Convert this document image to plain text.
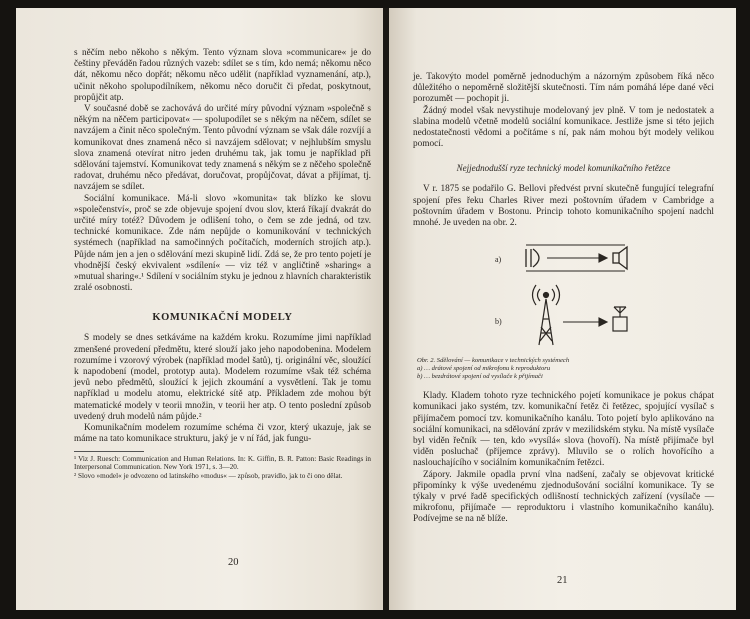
s něčím nebo někoho s někým. Tento význam slova »communicare« je do češtiny převáděn řadou různých vazeb: sdílet se s tím, kdo nemá; někomu něco dát, někomu něco dopřát; někomu něco udělit (například vyznamenání, atp.), učinit někoho spolupodílníkem, někomu něco doručit či předat, poskytnout, propůjčit atp.

V současné době se zachovává do určité míry původní význam »společně s někým na něčem participovat« — spolupodílet se s někým na něčem, sdílet se navzájem a činit něco společným. Tento původní význam se však dále rozvíjí a komunikovat dnes znamená něco si navzájem sdělovat; v nejhlubším smyslu slova znamená otevírat nitro jeden druhému tak, jak tomu je například při sdělování tajemství. Komunikovat tedy znamená s někým se z něčeho společně radovat, druhému něco předávat, doručovat, propůjčovat, dávat a přijímat, tj. navzájem se sdílet.

Sociální komunikace. Má-li slovo »komunita« tak blízko ke slovu »společenství«, proč se zde objevuje spojení dvou slov, která říkají dvakrát do určité míry totéž? Důvodem je odlišení toho, o čem se zde jedná, od tzv. technické komunikace. Zde nám nepůjde o komunikování v technických systémech (například na samočinných počítačích, moderních strojích atp.). Půjde nám jen a jen o sdělování mezi skupině lidí. Zdá se, že pro tento pojetí je vhodnější český ekvivalent »sdílení« — viz též v angličtině »sharing« a »mutual sharing«.¹ Sdílení v sociálním styku je jednou z hlavních charakteristik zralé osobnosti.

KOMUNIKAČNÍ MODELY

S modely se dnes setkáváme na každém kroku. Rozumíme jimi například zmenšené provedení předmětu, které slouží jako jeho napodobenina. Modelem rozumíme i vzorový výrobek (například model šatů), tj. originální věc, sloužící k napodobení (model, prototyp auta). Modelem rozumíme však též schéma jevů nebo předmětů, sloužící k jejich zkoumání a vysvětlení. Tak je tomu například u modelu atomu, elektrické sítě atp. Příkladem zde mohou být matematické modely v teorii množin, v teorii her atp. O tento poslední způsob uvedený druh modelů nám půjde.²

Komunikačním modelem rozumíme schéma či vzor, který ukazuje, jak se máme na tato komunikace strukturu, jaký je v ní řád, jak fungu-

¹ Viz J. Ruesch: Communication and Human Relations. In: K. Giffin, B. R. Patton: Basic Readings in Interpersonal Communication. New York 1971, s. 3—20.

² Slovo »model« je odvozeno od latinského »modus« — způsob, pravidlo, jak to či ono dělat.

20

je. Takovýto model poměrně jednoduchým a názorným způsobem říká něco důležitého o nepoměrně složitější skutečnosti. Tím nám pomáhá lépe dané věci porozumět — pochopit ji.

Žádný model však nevystihuje modelovaný jev plně. V tom je nedostatek a slabina modelů včetně modelů sociální komunikace. Jestliže jsme si této jejich nedostatečnosti vědomi a počítáme s ní, pak nám mohou být modely velikou pomocí.

Nejjednodušší ryze technický model komunikačního řetězce

V r. 1875 se podařilo G. Bellovi předvést první skutečně fungující telegrafní spojení přes řeku Charles River mezi poštovním úřadem v Cambridge a poštovním úřadem v Bostonu. Princip tohoto komunikačního spojení nadchl mnohé. Je uveden na obr. 2.

a)
b)
Obr. 2. Sdělování — komunikace v technických systémech
a) … drátové spojení od mikrofonu k reproduktoru
b) … bezdrátové spojení od vysílače k přijímači

Klady. Kladem tohoto ryze technického pojetí komunikace je pokus chápat komunikaci jako systém, tzv. komunikační řetěz či řetězec, spojující vysílač s přijímačem pomocí tzv. komunikačního kanálu. Toto pojetí bylo aplikováno na sociální komunikaci, na sdělování zpráv v mezilidském styku. Na místě vysílače byl viděn řečník — ten, kdo »vysílá« slova (hovoří). Na místě přijímače byl viděn posluchač (příjemce zprávy). Mluvilo se o rolích hovořícího a naslouchajícího v sociálním komunikačním řetězci.

Zápory. Jakmile opadla první vlna nadšení, začaly se objevovat kritické připomínky k výše uvedenému zjednodušování sociální komunikace. Ty se týkaly v prvé řadě specifických odlišností technických zařízení (vysílače — mikrofonu, přijímače — reproduktoru i vlastního komunikačního kanálu). Podívejme se na ně blíže.

21
